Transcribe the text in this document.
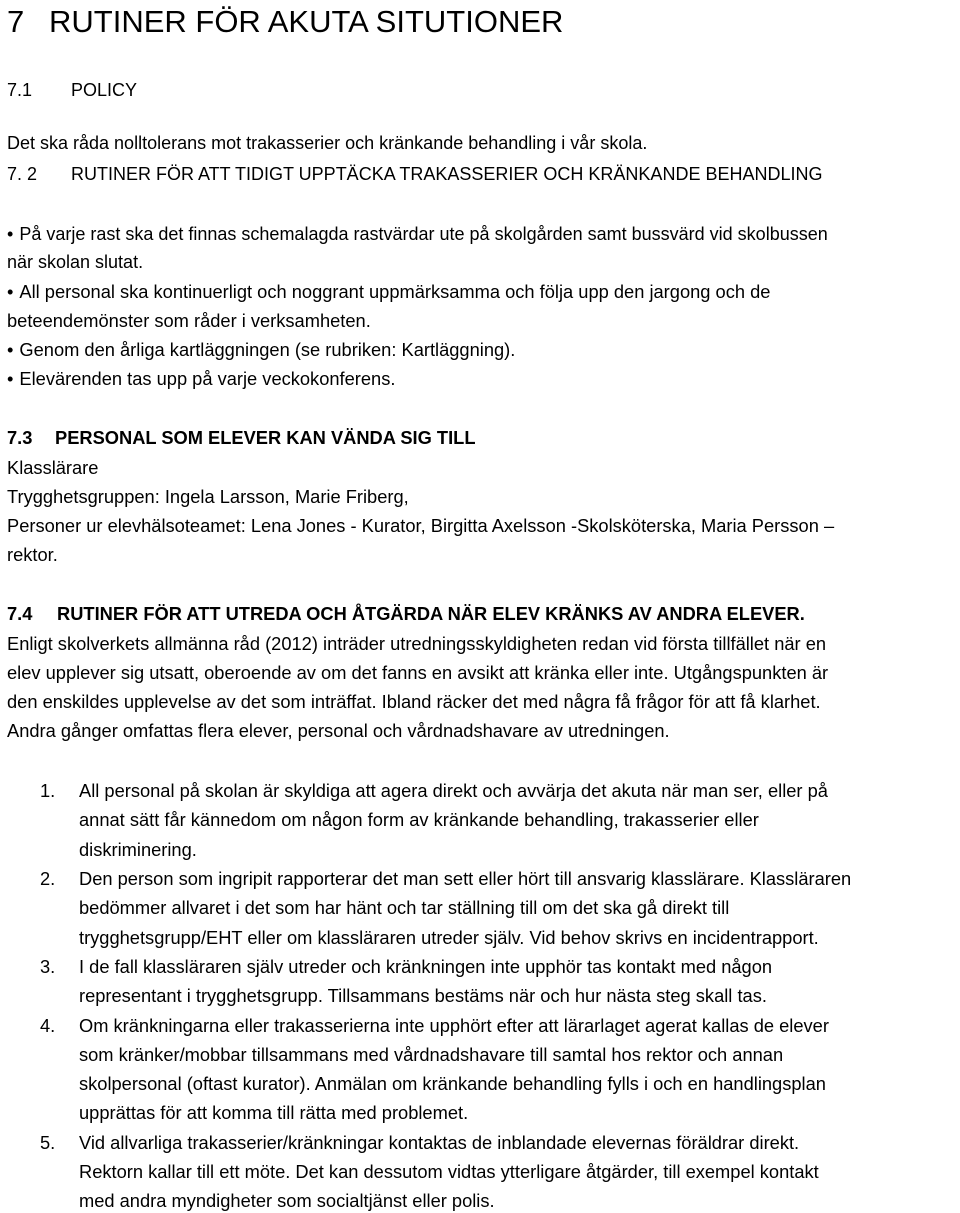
7 RUTINER FÖR AKUTA SITUTIONER
7.1 POLICY
Det ska råda nolltolerans mot trakasserier och kränkande behandling i vår skola.
7. 2 RUTINER FÖR ATT TIDIGT UPPTÄCKA TRAKASSERIER OCH KRÄNKANDE BEHANDLING
• På varje rast ska det finnas schemalagda rastvärdar ute på skolgården samt bussvärd vid skolbussen
när skolan slutat.
• All personal ska kontinuerligt och noggrant uppmärksamma och följa upp den jargong och de
beteendemönster som råder i verksamheten.
• Genom den årliga kartläggningen (se rubriken: Kartläggning).
• Elevärenden tas upp på varje veckokonferens.
7.3 PERSONAL SOM ELEVER KAN VÄNDA SIG TILL
Klasslärare
Trygghetsgruppen: Ingela Larsson, Marie Friberg,
Personer ur elevhälsoteamet: Lena Jones - Kurator, Birgitta Axelsson -Skolsköterska, Maria Persson –
rektor.
7.4 RUTINER FÖR ATT UTREDA OCH ÅTGÄRDA NÄR ELEV KRÄNKS AV ANDRA ELEVER.
Enligt skolverkets allmänna råd (2012) inträder utredningsskyldigheten redan vid första tillfället när en
elev upplever sig utsatt, oberoende av om det fanns en avsikt att kränka eller inte. Utgångspunkten är
den enskildes upplevelse av det som inträffat. Ibland räcker det med några få frågor för att få klarhet.
Andra gånger omfattas flera elever, personal och vårdnadshavare av utredningen.
1.	All personal på skolan är skyldiga att agera direkt och avvärja det akuta när man ser, eller på
annat sätt får kännedom om någon form av kränkande behandling, trakasserier eller
diskriminering.
2.	Den person som ingripit rapporterar det man sett eller hört till ansvarig klasslärare. Klassläraren
bedömmer allvaret i det som har hänt och tar ställning till om det ska gå direkt till
trygghetsgrupp/EHT eller om klassläraren utreder själv. Vid behov skrivs en incidentrapport.
3.	I de fall klassläraren själv utreder och kränkningen inte upphör tas kontakt med någon
representant i trygghetsgrupp. Tillsammans bestäms när och hur nästa steg skall tas.
4.	Om kränkningarna eller trakasserierna inte upphört efter att lärarlaget agerat kallas de elever
som kränker/mobbar tillsammans med vårdnadshavare till samtal hos rektor och annan
skolpersonal (oftast kurator). Anmälan om kränkande behandling fylls i och en handlingsplan
upprättas för att komma till rätta med problemet.
5.	Vid allvarliga trakasserier/kränkningar kontaktas de inblandade elevernas föräldrar direkt.
Rektorn kallar till ett möte. Det kan dessutom vidtas ytterligare åtgärder, till exempel kontakt
med andra myndigheter som socialtjänst eller polis.
